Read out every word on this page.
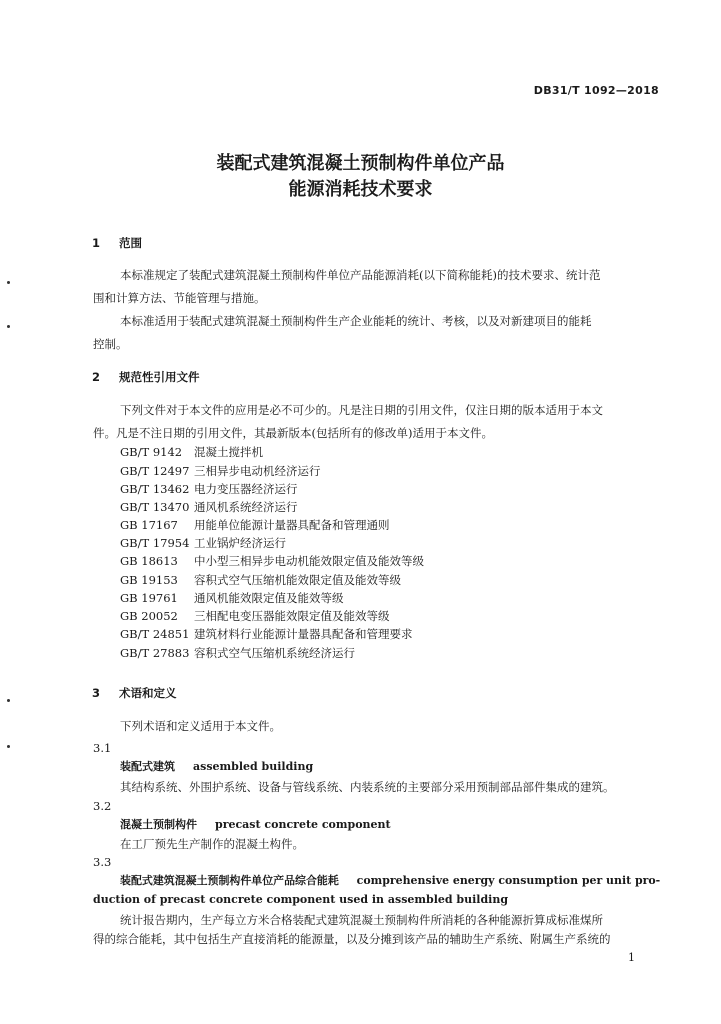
DB31/T 1092—2018
装配式建筑混凝土预制构件单位产品
能源消耗技术要求
1 范围
本标准规定了装配式建筑混凝土预制构件单位产品能源消耗(以下简称能耗)的技术要求、统计范
围和计算方法、节能管理与措施。
本标准适用于装配式建筑混凝土预制构件生产企业能耗的统计、考核，以及对新建项目的能耗
控制。
2 规范性引用文件
下列文件对于本文件的应用是必不可少的。凡是注日期的引用文件，仅注日期的版本适用于本文
件。凡是不注日期的引用文件，其最新版本(包括所有的修改单)适用于本文件。
GB/T 9142 混凝土搅拌机
GB/T 12497 三相异步电动机经济运行
GB/T 13462 电力变压器经济运行
GB/T 13470 通风机系统经济运行
GB 17167 用能单位能源计量器具配备和管理通则
GB/T 17954 工业锅炉经济运行
GB 18613 中小型三相异步电动机能效限定值及能效等级
GB 19153 容积式空气压缩机能效限定值及能效等级
GB 19761 通风机能效限定值及能效等级
GB 20052 三相配电变压器能效限定值及能效等级
GB/T 24851 建筑材料行业能源计量器具配备和管理要求
GB/T 27883 容积式空气压缩机系统经济运行
3 术语和定义
下列术语和定义适用于本文件。
3.1
装配式建筑 assembled building
其结构系统、外围护系统、设备与管线系统、内装系统的主要部分采用预制部品部件集成的建筑。
3.2
混凝土预制构件 precast concrete component
在工厂预先生产制作的混凝土构件。
3.3
装配式建筑混凝土预制构件单位产品综合能耗 comprehensive energy consumption per unit pro-
duction of precast concrete component used in assembled building
统计报告期内，生产每立方米合格装配式建筑混凝土预制构件所消耗的各种能源折算成标准煤所
得的综合能耗，其中包括生产直接消耗的能源量，以及分摊到该产品的辅助生产系统、附属生产系统的
1
